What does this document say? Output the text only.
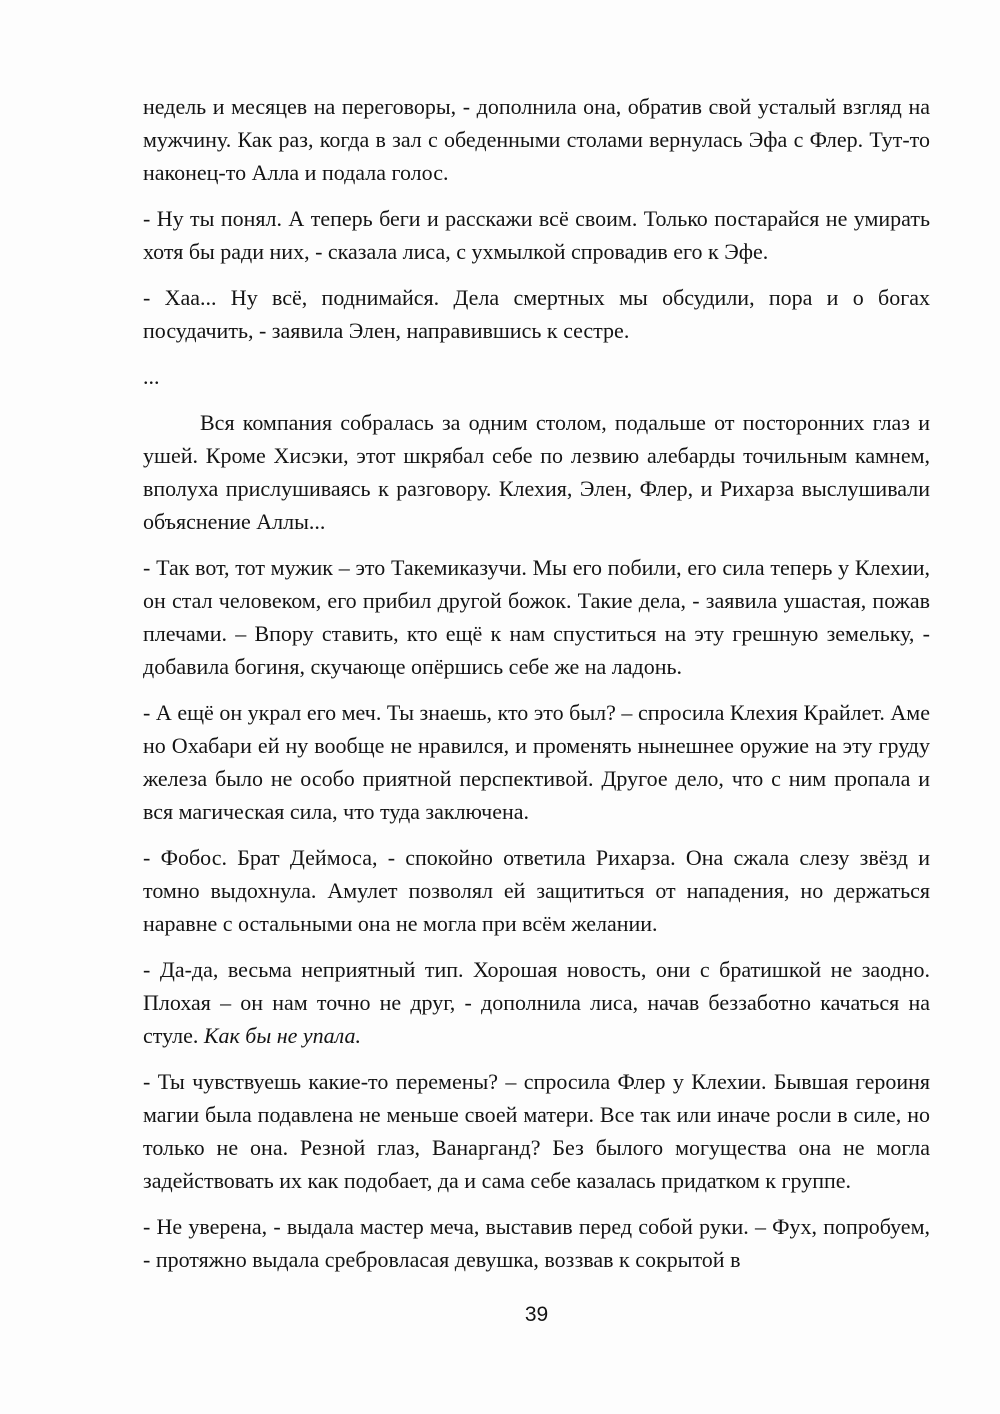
недель и месяцев на переговоры, - дополнила она, обратив свой усталый взгляд на мужчину. Как раз, когда в зал с обеденными столами вернулась Эфа с Флер. Тут-то наконец-то Алла и подала голос.

- Ну ты понял. А теперь беги и расскажи всё своим. Только постарайся не умирать хотя бы ради них, - сказала лиса, с ухмылкой спровадив его к Эфе.

- Хаа... Ну всё, поднимайся. Дела смертных мы обсудили, пора и о богах посудачить, - заявила Элен, направившись к сестре.

...

Вся компания собралась за одним столом, подальше от посторонних глаз и ушей. Кроме Хисэки, этот шкрябал себе по лезвию алебарды точильным камнем, вполуха прислушиваясь к разговору. Клехия, Элен, Флер, и Рихарза выслушивали объяснение Аллы...

- Так вот, тот мужик – это Такемиказучи. Мы его побили, его сила теперь у Клехии, он стал человеком, его прибил другой божок. Такие дела, - заявила ушастая, пожав плечами. – Впору ставить, кто ещё к нам спуститься на эту грешную земельку, - добавила богиня, скучающе опёршись себе же на ладонь.

- А ещё он украл его меч. Ты знаешь, кто это был? – спросила Клехия Крайлет. Аме но Охабари ей ну вообще не нравился, и променять нынешнее оружие на эту груду железа было не особо приятной перспективой. Другое дело, что с ним пропала и вся магическая сила, что туда заключена.

- Фобос. Брат Деймоса, - спокойно ответила Рихарза. Она сжала слезу звёзд и томно выдохнула. Амулет позволял ей защититься от нападения, но держаться наравне с остальными она не могла при всём желании.

- Да-да, весьма неприятный тип. Хорошая новость, они с братишкой не заодно. Плохая – он нам точно не друг, - дополнила лиса, начав беззаботно качаться на стуле. Как бы не упала.

- Ты чувствуешь какие-то перемены? – спросила Флер у Клехии. Бывшая героиня магии была подавлена не меньше своей матери. Все так или иначе росли в силе, но только не она. Резной глаз, Ванарганд? Без былого могущества она не могла задействовать их как подобает, да и сама себе казалась придатком к группе.

- Не уверена, - выдала мастер меча, выставив перед собой руки. – Фух, попробуем, - протяжно выдала сребровласая девушка, воззвав к сокрытой в

39
